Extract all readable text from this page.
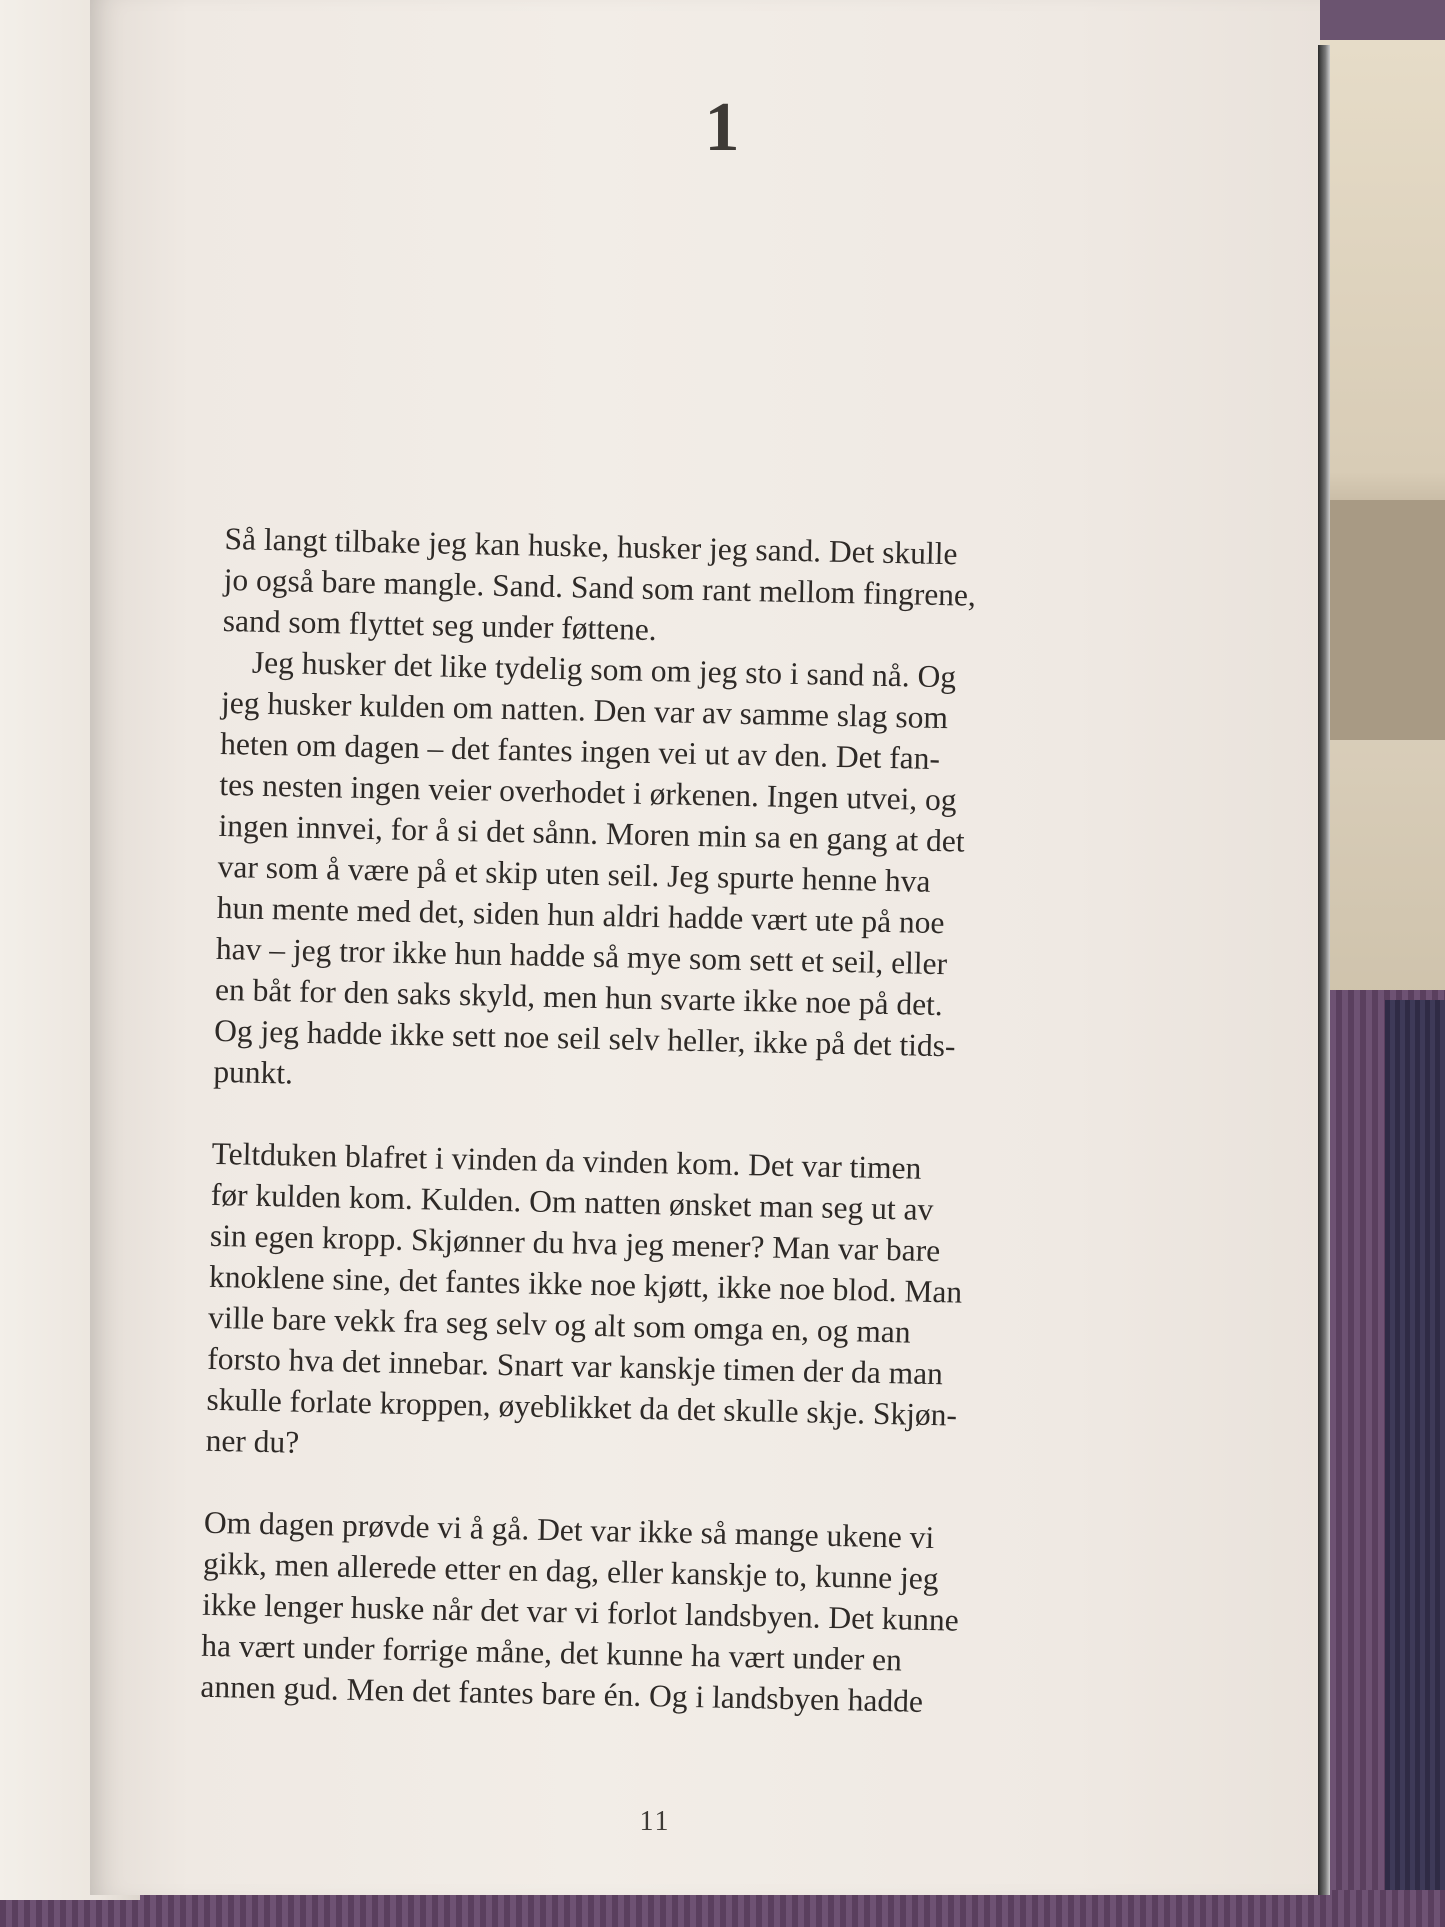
1
Så langt tilbake jeg kan huske, husker jeg sand. Det skulle
jo også bare mangle. Sand. Sand som rant mellom fingrene,
sand som flyttet seg under føttene.
Jeg husker det like tydelig som om jeg sto i sand nå. Og
jeg husker kulden om natten. Den var av samme slag som
heten om dagen – det fantes ingen vei ut av den. Det fan-
tes nesten ingen veier overhodet i ørkenen. Ingen utvei, og
ingen innvei, for å si det sånn. Moren min sa en gang at det
var som å være på et skip uten seil. Jeg spurte henne hva
hun mente med det, siden hun aldri hadde vært ute på noe
hav – jeg tror ikke hun hadde så mye som sett et seil, eller
en båt for den saks skyld, men hun svarte ikke noe på det.
Og jeg hadde ikke sett noe seil selv heller, ikke på det tids-
punkt.
Teltduken blafret i vinden da vinden kom. Det var timen
før kulden kom. Kulden. Om natten ønsket man seg ut av
sin egen kropp. Skjønner du hva jeg mener? Man var bare
knoklene sine, det fantes ikke noe kjøtt, ikke noe blod. Man
ville bare vekk fra seg selv og alt som omga en, og man
forsto hva det innebar. Snart var kanskje timen der da man
skulle forlate kroppen, øyeblikket da det skulle skje. Skjøn-
ner du?
Om dagen prøvde vi å gå. Det var ikke så mange ukene vi
gikk, men allerede etter en dag, eller kanskje to, kunne jeg
ikke lenger huske når det var vi forlot landsbyen. Det kunne
ha vært under forrige måne, det kunne ha vært under en
annen gud. Men det fantes bare én. Og i landsbyen hadde

11
